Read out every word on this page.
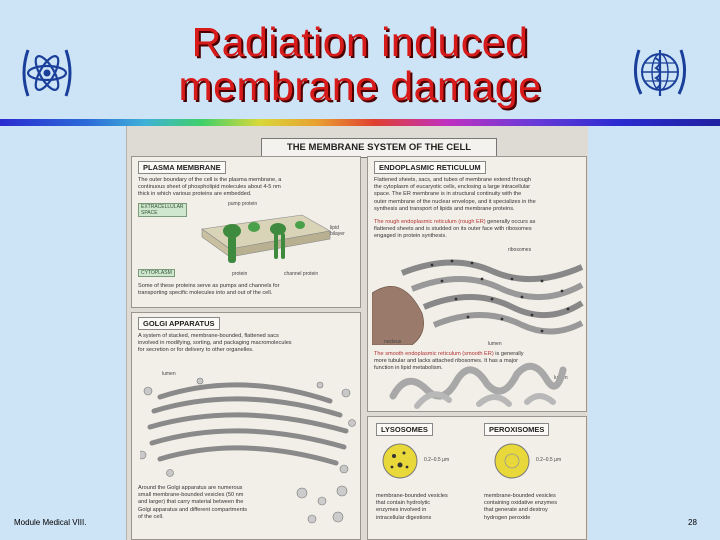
Radiation induced
membrane damage
THE MEMBRANE SYSTEM OF THE CELL
PLASMA MEMBRANE
The outer boundary of the cell is the plasma membrane, a
continuous sheet of phospholipid molecules about 4-5 nm
thick in which various proteins are embedded.
EXTRACELLULAR
SPACE
pump protein
lipid
bilayer
CYTOPLASM	protein	channel protein
Some of these proteins serve as pumps and channels for
transporting specific molecules into and out of the cell.
ENDOPLASMIC RETICULUM
Flattened sheets, sacs, and tubes of membrane extend through
the cytoplasm of eucaryotic cells, enclosing a large intracellular
space. The ER membrane is in structural continuity with the
outer membrane of the nuclear envelope, and it specializes in the
synthesis and transport of lipids and membrane proteins.
The rough endoplasmic reticulum (rough ER) generally occurs as
flattened sheets and is studded on its outer face with ribosomes
engaged in protein synthesis.
ribosomes
nucleus	lumen
The smooth endoplasmic reticulum (smooth ER) is generally
more tubular and lacks attached ribosomes. It has a major
function in lipid metabolism.
lumen
GOLGI APPARATUS
A system of stacked, membrane-bounded, flattened sacs
involved in modifying, sorting, and packaging macromolecules
for secretion or for delivery to other organelles.
lumen
Around the Golgi apparatus are numerous
small membrane-bounded vesicles (50 nm
and larger) that carry material between the
Golgi apparatus and different compartments
of the cell.
LYSOSOMES	PEROXISOMES
0.2–0.5 μm	0.2–0.5 μm
membrane-bounded vesicles
that contain hydrolytic
enzymes involved in
intracellular digestions
membrane-bounded vesicles
containing oxidative enzymes
that generate and destroy
hydrogen peroxide
Module Medical VIII.	28
